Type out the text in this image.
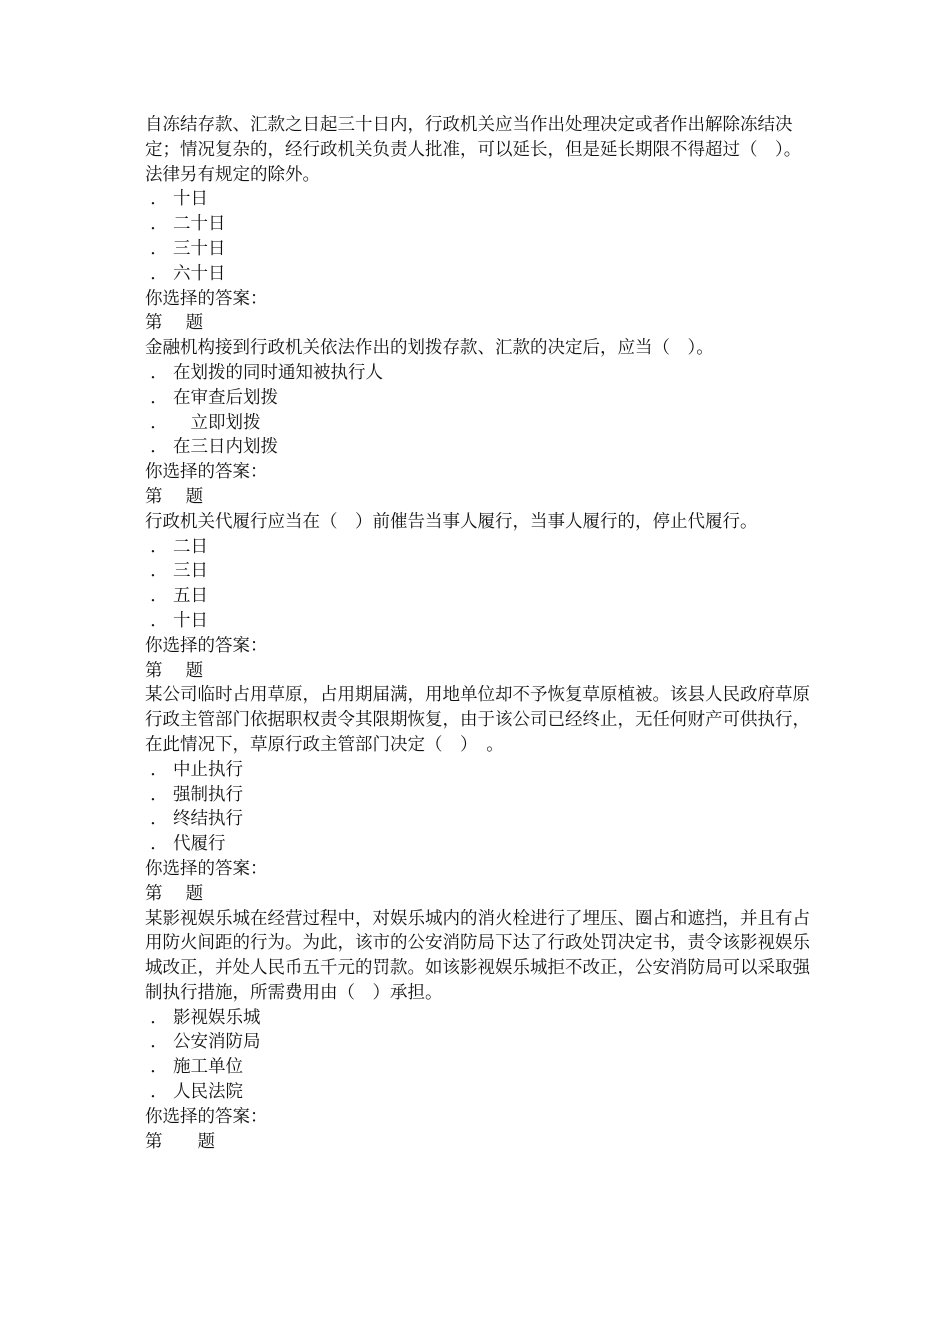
自冻结存款、汇款之日起三十日内，行政机关应当作出处理决定或者作出解除冻结决定；情况复杂的，经行政机关负责人批准，可以延长，但是延长期限不得超过（　）。法律另有规定的除外。
． 十日
． 二十日
． 三十日
． 六十日
你选择的答案：
第　 题
金融机构接到行政机关依法作出的划拨存款、汇款的决定后，应当（　）。
． 在划拨的同时通知被执行人
． 在审查后划拨
．　立即划拨
． 在三日内划拨
你选择的答案：
第　 题
行政机关代履行应当在（　）前催告当事人履行，当事人履行的，停止代履行。
． 二日
． 三日
． 五日
． 十日
你选择的答案：
第　 题
某公司临时占用草原，占用期届满，用地单位却不予恢复草原植被。该县人民政府草原行政主管部门依据职权责令其限期恢复，由于该公司已经终止，无任何财产可供执行，在此情况下，草原行政主管部门决定（　）　。
． 中止执行
． 强制执行
． 终结执行
． 代履行
你选择的答案：
第　 题
某影视娱乐城在经营过程中，对娱乐城内的消火栓进行了埋压、圈占和遮挡，并且有占用防火间距的行为。为此，该市的公安消防局下达了行政处罚决定书，责令该影视娱乐城改正，并处人民币五千元的罚款。如该影视娱乐城拒不改正，公安消防局可以采取强制执行措施，所需费用由（　）承担。
． 影视娱乐城
． 公安消防局
． 施工单位
． 人民法院
你选择的答案：
第　　题
